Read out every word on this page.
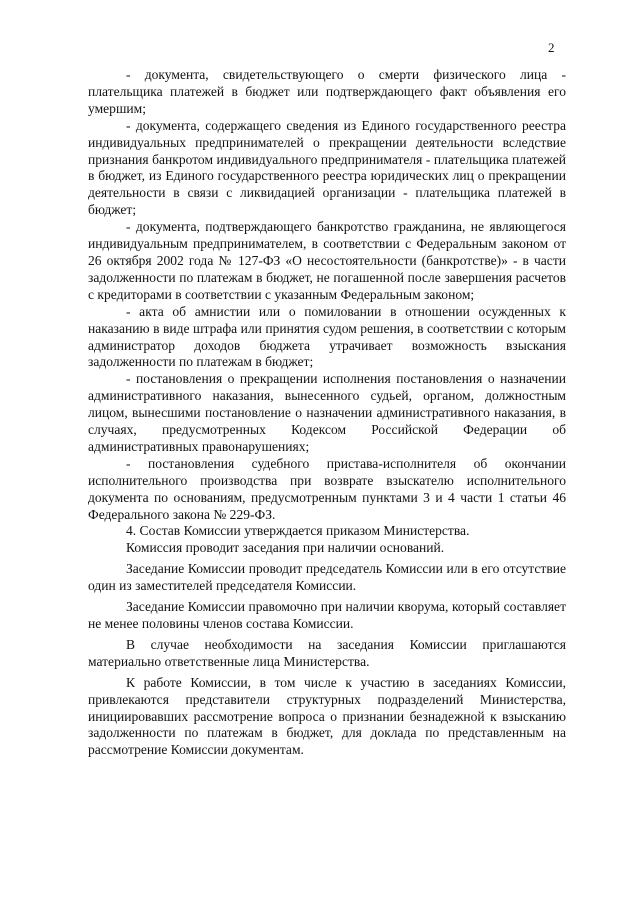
2

- документа, свидетельствующего о смерти физического лица - плательщика платежей в бюджет или подтверждающего факт объявления его умершим;

- документа, содержащего сведения из Единого государственного реестра индивидуальных предпринимателей о прекращении деятельности вследствие признания банкротом индивидуального предпринимателя - плательщика платежей в бюджет, из Единого государственного реестра юридических лиц о прекращении деятельности в связи с ликвидацией организации - плательщика платежей в бюджет;

- документа, подтверждающего банкротство гражданина, не являющегося индивидуальным предпринимателем, в соответствии с Федеральным законом от 26 октября 2002 года № 127-ФЗ «О несостоятельности (банкротстве)» - в части задолженности по платежам в бюджет, не погашенной после завершения расчетов с кредиторами в соответствии с указанным Федеральным законом;

- акта об амнистии или о помиловании в отношении осужденных к наказанию в виде штрафа или принятия судом решения, в соответствии с которым администратор доходов бюджета утрачивает возможность взыскания задолженности по платежам в бюджет;

- постановления о прекращении исполнения постановления о назначении административного наказания, вынесенного судьей, органом, должностным лицом, вынесшими постановление о назначении административного наказания, в случаях, предусмотренных Кодексом Российской Федерации об административных правонарушениях;

- постановления судебного пристава-исполнителя об окончании исполнительного производства при возврате взыскателю исполнительного документа по основаниям, предусмотренным пунктами 3 и 4 части 1 статьи 46 Федерального закона № 229-ФЗ.

4. Состав Комиссии утверждается приказом Министерства.

Комиссия проводит заседания при наличии оснований.

Заседание Комиссии проводит председатель Комиссии или в его отсутствие один из заместителей председателя Комиссии.

Заседание Комиссии правомочно при наличии кворума, который составляет не менее половины членов состава Комиссии.

В случае необходимости на заседания Комиссии приглашаются материально ответственные лица Министерства.

К работе Комиссии, в том числе к участию в заседаниях Комиссии, привлекаются представители структурных подразделений Министерства, инициировавших рассмотрение вопроса о признании безнадежной к взысканию задолженности по платежам в бюджет, для доклада по представленным на рассмотрение Комиссии документам.
